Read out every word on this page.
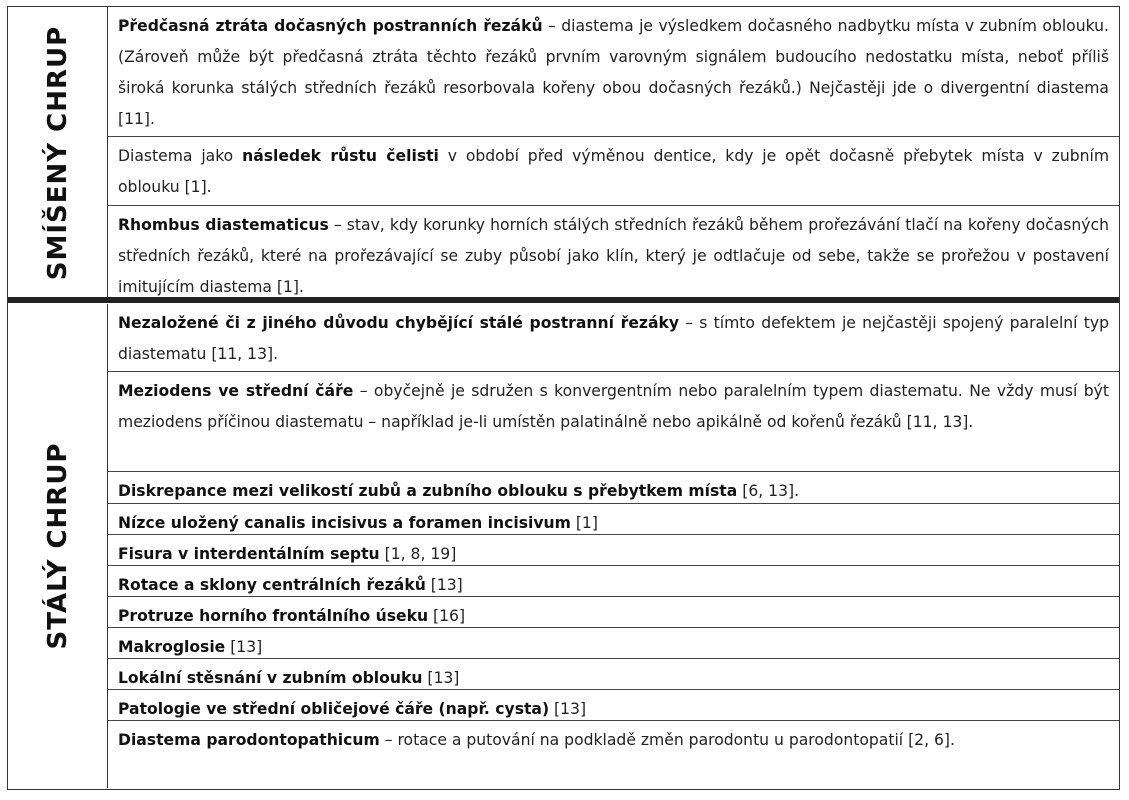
SMÍŠENÝ CHRUP	Předčasná ztráta dočasných postranních řezáků – diastema je výsledkem dočasného nadbytku místa v zubním oblouku. (Zároveň může být předčasná ztráta těchto řezáků prvním varovným signálem budoucího nedostatku místa, neboť příliš široká korunka stálých středních řezáků resorbovala kořeny obou dočasných řezáků.) Nejčastěji jde o divergentní diastema [11].
Diastema jako následek růstu čelisti v období před výměnou dentice, kdy je opět dočasně přebytek místa v zubním oblouku [1].
Rhombus diastematicus – stav, kdy korunky horních stálých středních řezáků během prořezávání tlačí na kořeny dočasných středních řezáků, které na prořezávající se zuby působí jako klín, který je odtlačuje od sebe, takže se prořežou v postavení imitujícím diastema [1].
STÁLÝ CHRUP
Nezaložené či z jiného důvodu chybějící stálé postranní řezáky – s tímto defektem je nejčastěji spojený paralelní typ diastematu [11, 13].
Meziodens ve střední čáře – obyčejně je sdružen s konvergentním nebo paralelním typem diastematu. Ne vždy musí být meziodens příčinou diastematu – například je-li umístěn palatinálně nebo apikálně od kořenů řezáků [11, 13].
Diskrepance mezi velikostí zubů a zubního oblouku s přebytkem místa [6, 13].
Nízce uložený canalis incisivus a foramen incisivum [1]
Fisura v interdentálním septu [1, 8, 19]
Rotace a sklony centrálních řezáků [13]
Protruze horního frontálního úseku [16]
Makroglosie [13]
Lokální stěsnání v zubním oblouku [13]
Patologie ve střední obličejové čáře (např. cysta) [13]
Diastema parodontopathicum – rotace a putování na podkladě změn parodontu u parodontopatií [2, 6].
